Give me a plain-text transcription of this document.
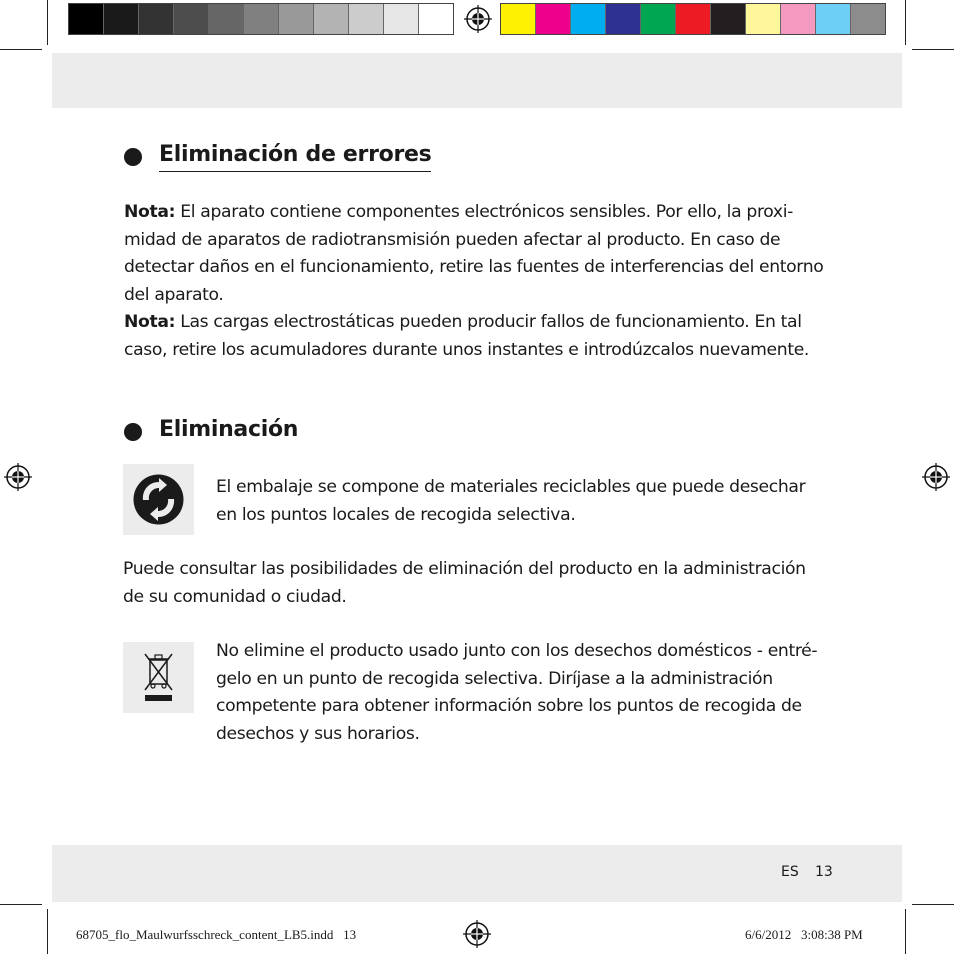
Eliminación de errores
Nota: El aparato contiene componentes electrónicos sensibles. Por ello, la proxi-
midad de aparatos de radiotransmisión pueden afectar al producto. En caso de
detectar daños en el funcionamiento, retire las fuentes de interferencias del entorno
del aparato.
Nota: Las cargas electrostáticas pueden producir fallos de funcionamiento. En tal
caso, retire los acumuladores durante unos instantes e introdúzcalos nuevamente.
Eliminación
El embalaje se compone de materiales reciclables que puede desechar
en los puntos locales de recogida selectiva.
Puede consultar las posibilidades de eliminación del producto en la administración
de su comunidad o ciudad.
No elimine el producto usado junto con los desechos domésticos - entré-
gelo en un punto de recogida selectiva. Diríjase a la administración
competente para obtener información sobre los puntos de recogida de
desechos y sus horarios.
ES 13
68705_flo_Maulwurfsschreck_content_LB5.indd   13	6/6/2012   3:08:38 PM
